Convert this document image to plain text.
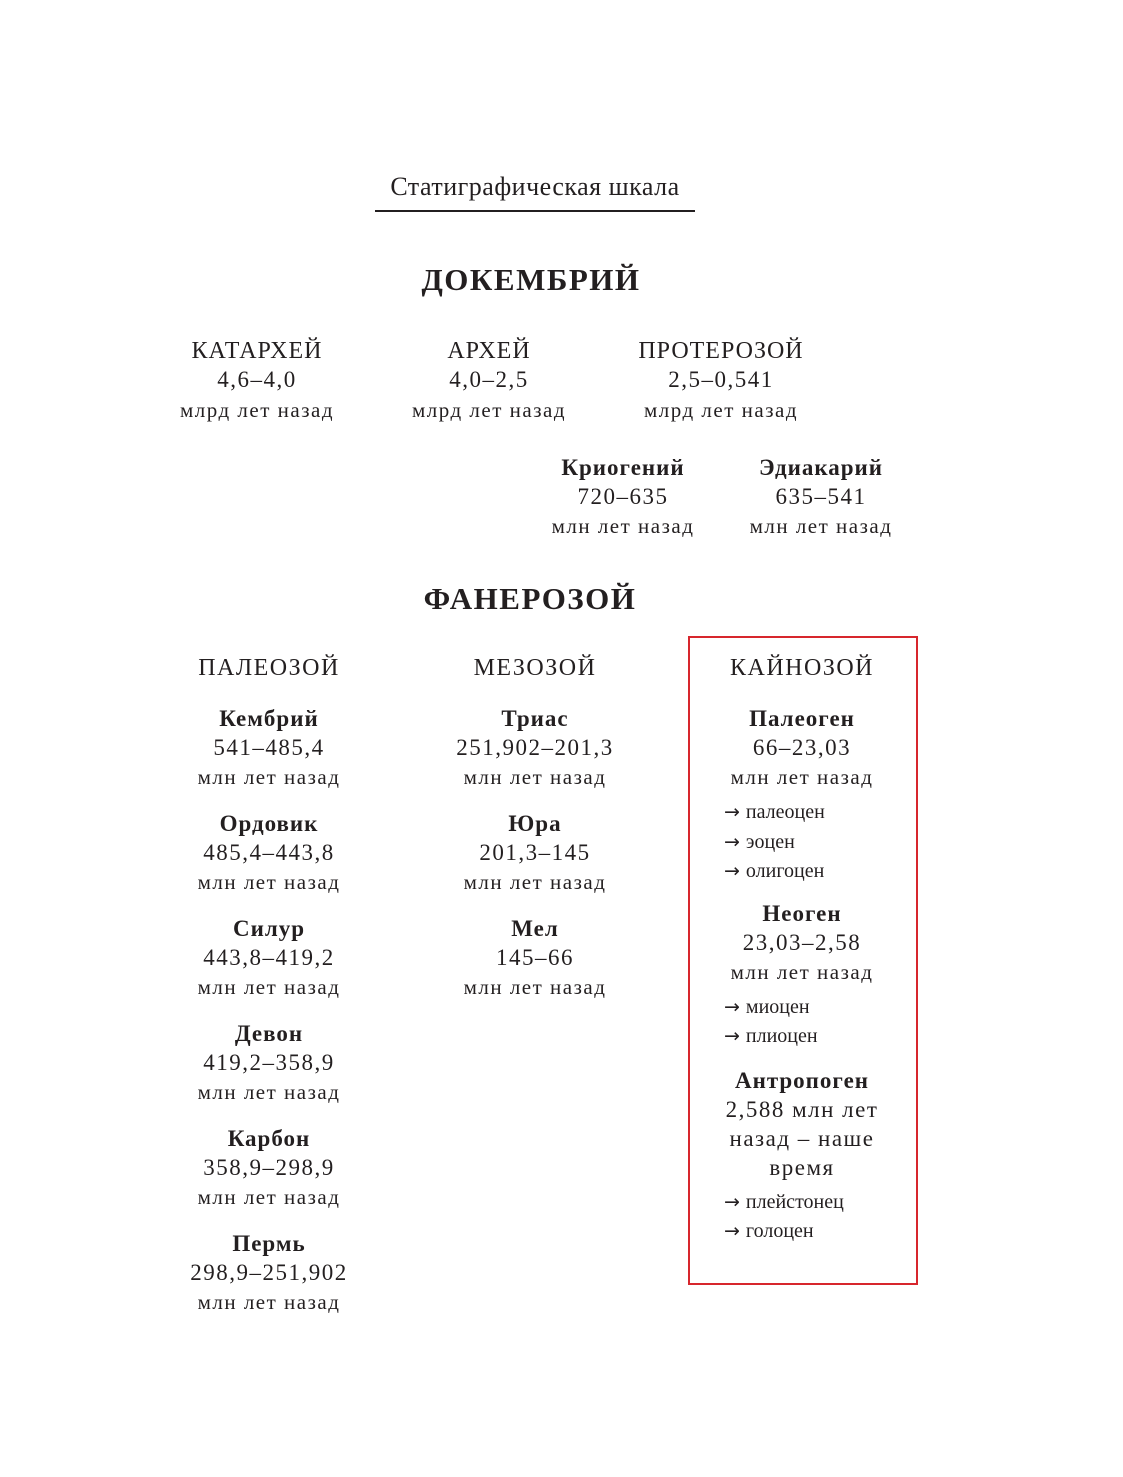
Статиграфическая шкала
ДОКЕМБРИЙ
КАТАРХЕЙ
4,6–4,0
млрд лет назад
АРХЕЙ
4,0–2,5
млрд лет назад
ПРОТЕРОЗОЙ
2,5–0,541
млрд лет назад
Криогений
720–635
млн лет назад
Эдиакарий
635–541
млн лет назад
ФАНЕРОЗОЙ
ПАЛЕОЗОЙ
Кембрий
541–485,4
млн лет назад
Ордовик
485,4–443,8
млн лет назад
Силур
443,8–419,2
млн лет назад
Девон
419,2–358,9
млн лет назад
Карбон
358,9–298,9
млн лет назад
Пермь
298,9–251,902
млн лет назад
МЕЗОЗОЙ
Триас
251,902–201,3
млн лет назад
Юра
201,3–145
млн лет назад
Мел
145–66
млн лет назад
КАЙНОЗОЙ
Палеоген
66–23,03
млн лет назад
→ палеоцен
→ эоцен
→ олигоцен
Неоген
23,03–2,58
млн лет назад
→ миоцен
→ плиоцен
Антропоген
2,588 млн лет
назад – наше
время
→ плейстонец
→ голоцен
